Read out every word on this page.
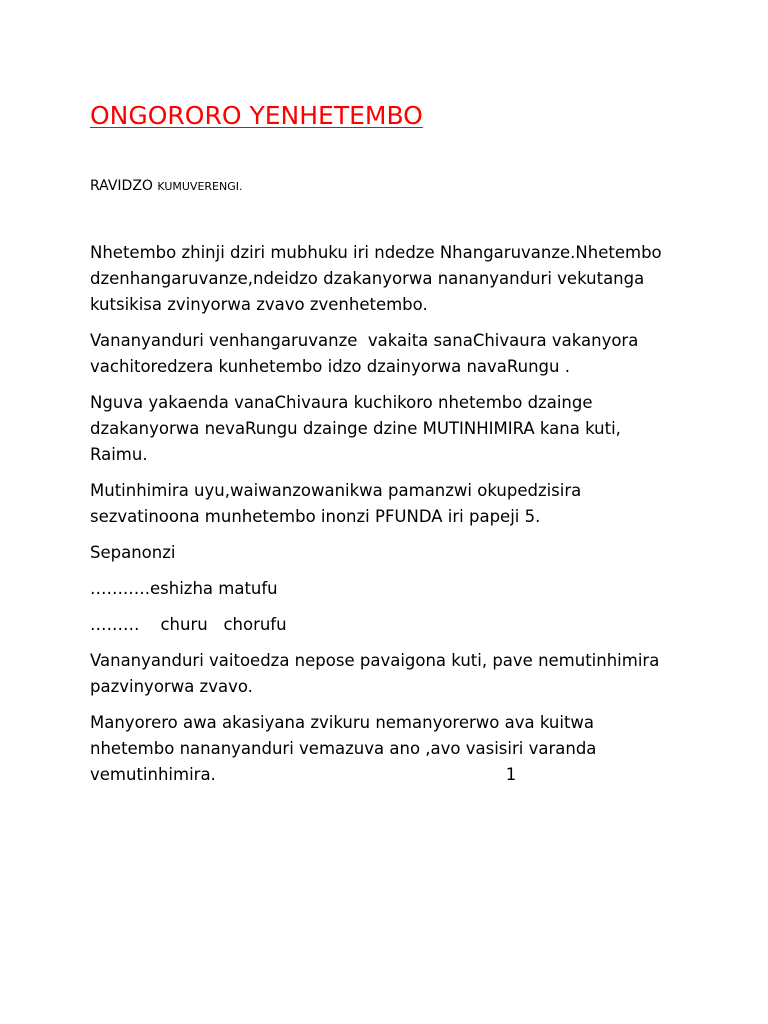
ONGORORO YENHETEMBO

RAVIDZO KUMUVERENGI.

Nhetembo zhinji dziri mubhuku iri ndedze Nhangaruvanze.Nhetembo
dzenhangaruvanze,ndeidzo dzakanyorwa nananyanduri vekutanga
kutsikisa zvinyorwa zvavo zvenhetembo.

Vananyanduri venhangaruvanze  vakaita sanaChivaura vakanyora
vachitoredzera kunhetembo idzo dzainyorwa navaRungu .

Nguva yakaenda vanaChivaura kuchikoro nhetembo dzainge
dzakanyorwa nevaRungu dzainge dzine MUTINHIMIRA kana kuti,
Raimu.

Mutinhimira uyu,waiwanzowanikwa pamanzwi okupedzisira
sezvatinoona munhetembo inonzi PFUNDA iri papeji 5.

Sepanonzi

…….….eshizha matufu

………    churu   chorufu

Vananyanduri vaitoedza nepose pavaigona kuti, pave nemutinhimira
pazvinyorwa zvavo.

Manyorero awa akasiyana zvikuru nemanyorerwo ava kuitwa
nhetembo nananyanduri vemazuva ano ,avo vasisiri varanda
vemutinhimira.	1
